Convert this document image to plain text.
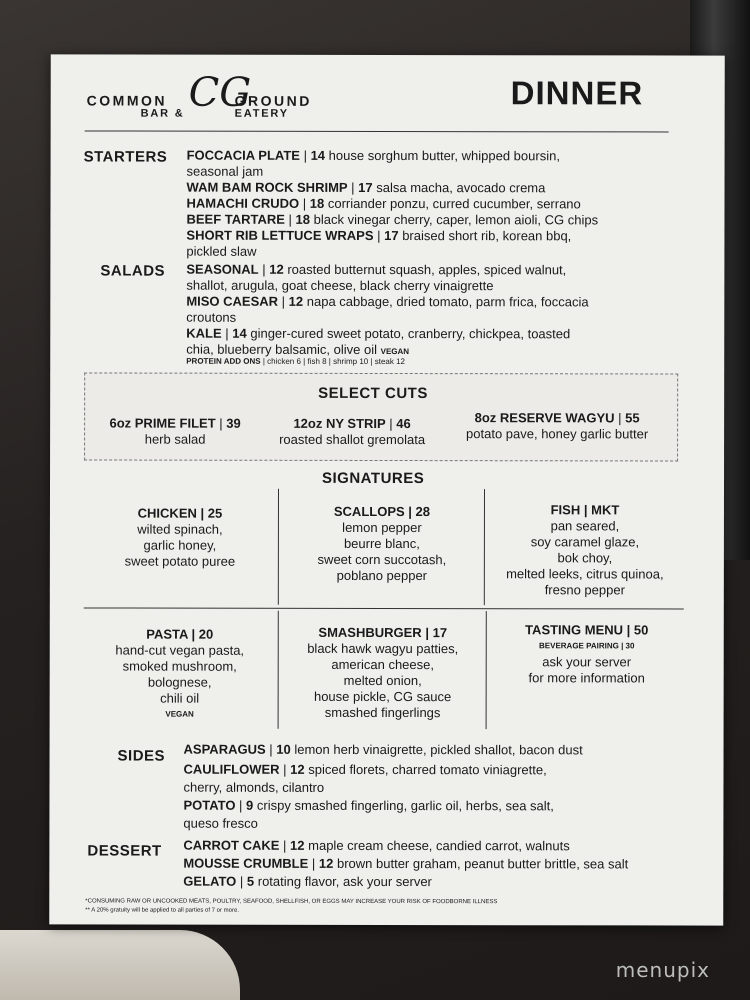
COMMON
BAR & CG
GROUND
EATERY
DINNER
STARTERS FOCCACIA PLATE | 14 house sorghum butter, whipped boursin,
seasonal jam
WAM BAM ROCK SHRIMP | 17 salsa macha, avocado crema
HAMACHI CRUDO | 18 corriander ponzu, curred cucumber, serrano
BEEF TARTARE | 18 black vinegar cherry, caper, lemon aioli, CG chips
SHORT RIB LETTUCE WRAPS | 17 braised short rib, korean bbq,
pickled slaw
SALADS SEASONAL | 12 roasted butternut squash, apples, spiced walnut,
shallot, arugula, goat cheese, black cherry vinaigrette
MISO CAESAR | 12 napa cabbage, dried tomato, parm frica, foccacia
croutons
KALE | 14 ginger-cured sweet potato, cranberry, chickpea, toasted
chia, blueberry balsamic, olive oil VEGAN
PROTEIN ADD ONS | chicken 6 | fish 8 | shrimp 10 | steak 12
SELECT CUTS
6oz PRIME FILET | 39
herb salad
12oz NY STRIP | 46
roasted shallot gremolata
8oz RESERVE WAGYU | 55
potato pave, honey garlic butter
SIGNATURES
CHICKEN | 25
wilted spinach,
garlic honey,
sweet potato puree
SCALLOPS | 28
lemon pepper
beurre blanc,
sweet corn succotash,
poblano pepper
FISH | MKT
pan seared,
soy caramel glaze,
bok choy,
melted leeks, citrus quinoa,
fresno pepper
PASTA | 20
hand-cut vegan pasta,
smoked mushroom,
bolognese,
chili oil
VEGAN
SMASHBURGER | 17
black hawk wagyu patties,
american cheese,
melted onion,
house pickle, CG sauce
smashed fingerlings
TASTING MENU | 50
BEVERAGE PAIRING | 30
ask your server
for more information
SIDES ASPARAGUS | 10 lemon herb vinaigrette, pickled shallot, bacon dust
CAULIFLOWER | 12 spiced florets, charred tomato viniagrette,
cherry, almonds, cilantro
POTATO | 9 crispy smashed fingerling, garlic oil, herbs, sea salt,
queso fresco
DESSERT CARROT CAKE | 12 maple cream cheese, candied carrot, walnuts
MOUSSE CRUMBLE | 12 brown butter graham, peanut butter brittle, sea salt
GELATO | 5 rotating flavor, ask your server
*CONSUMING RAW OR UNCOOKED MEATS, POULTRY, SEAFOOD, SHELLFISH, OR EGGS MAY INCREASE YOUR RISK OF FOODBORNE ILLNESS
** A 20% gratuity will be applied to all parties of 7 or more.
menupix
